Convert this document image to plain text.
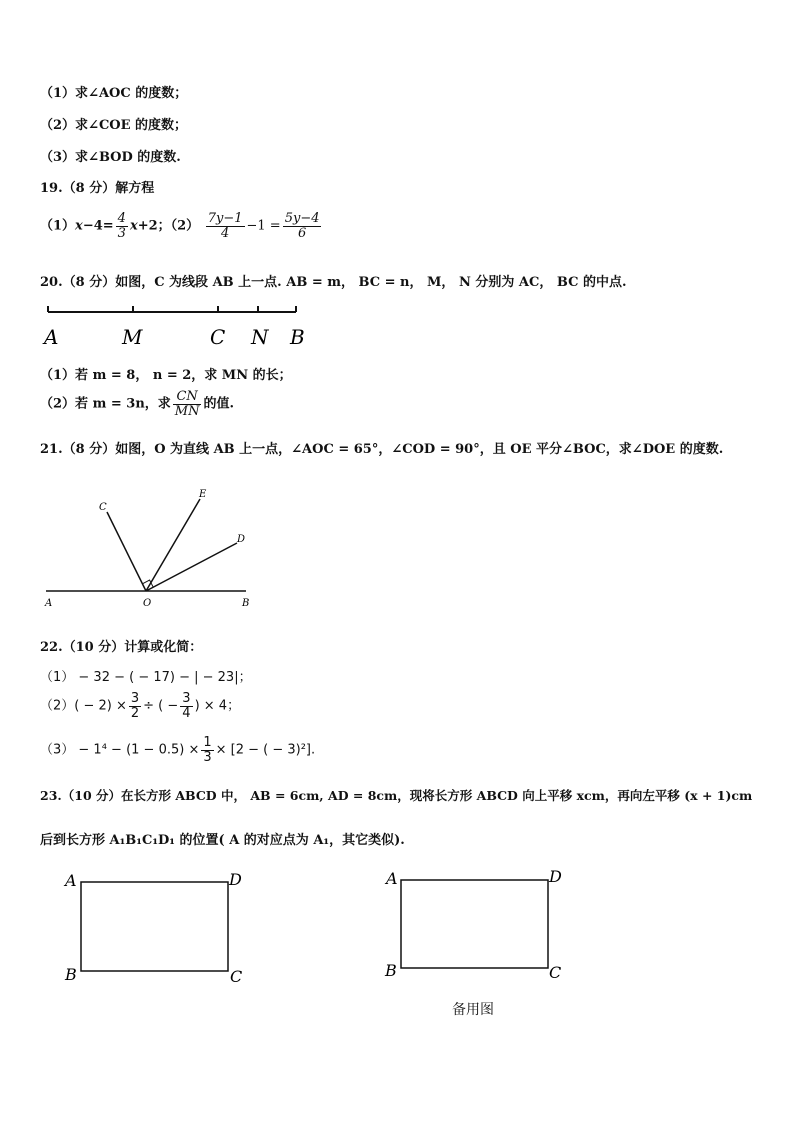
（1）求∠AOC 的度数；
（2）求∠COE 的度数；
（3）求∠BOD 的度数.
19.（8 分）解方程
$(1)x-4= \frac{4}{3} x+2$；$(2) \frac{7y-1}{4} -1 = \frac{5y-4}{6}$
20.（8 分）如图，C 为线段 AB 上一点. AB = m， BC = n， M， N 分别为 AC， BC 的中点.
A	M	C N B
（1）若 m = 8， n = 2，求 MN 的长；
（2）若 m = 3n，求 $\frac{CN}{MN}$ 的值.
21.（8 分）如图，O 为直线 AB 上一点，∠AOC = 65°，∠COD = 90°，且 OE 平分∠BOC，求∠DOE 的度数.
A	O	B
C
E
D
22.（10 分）计算或化简：
（1） − 32 − ( − 17) − | − 23|；
$(2)( - 2) \times \frac{3}{2}$ ÷ ( − $\frac{3}{4}$ ) × 4；
$(3) - 1^4 - (1 - 0.5) \times \frac{1}{3} \times [2$ − ( − 3)²].
23.（10 分）在长方形 ABCD 中， AB = 6cm, AD = 8cm，现将长方形 ABCD 向上平移 xcm，再向左平移 (x + 1)cm
后到长方形 A₁B₁C₁D₁ 的位置( A 的对应点为 A₁，其它类似).
A	D
B	C
A	D
B	C
备用图
